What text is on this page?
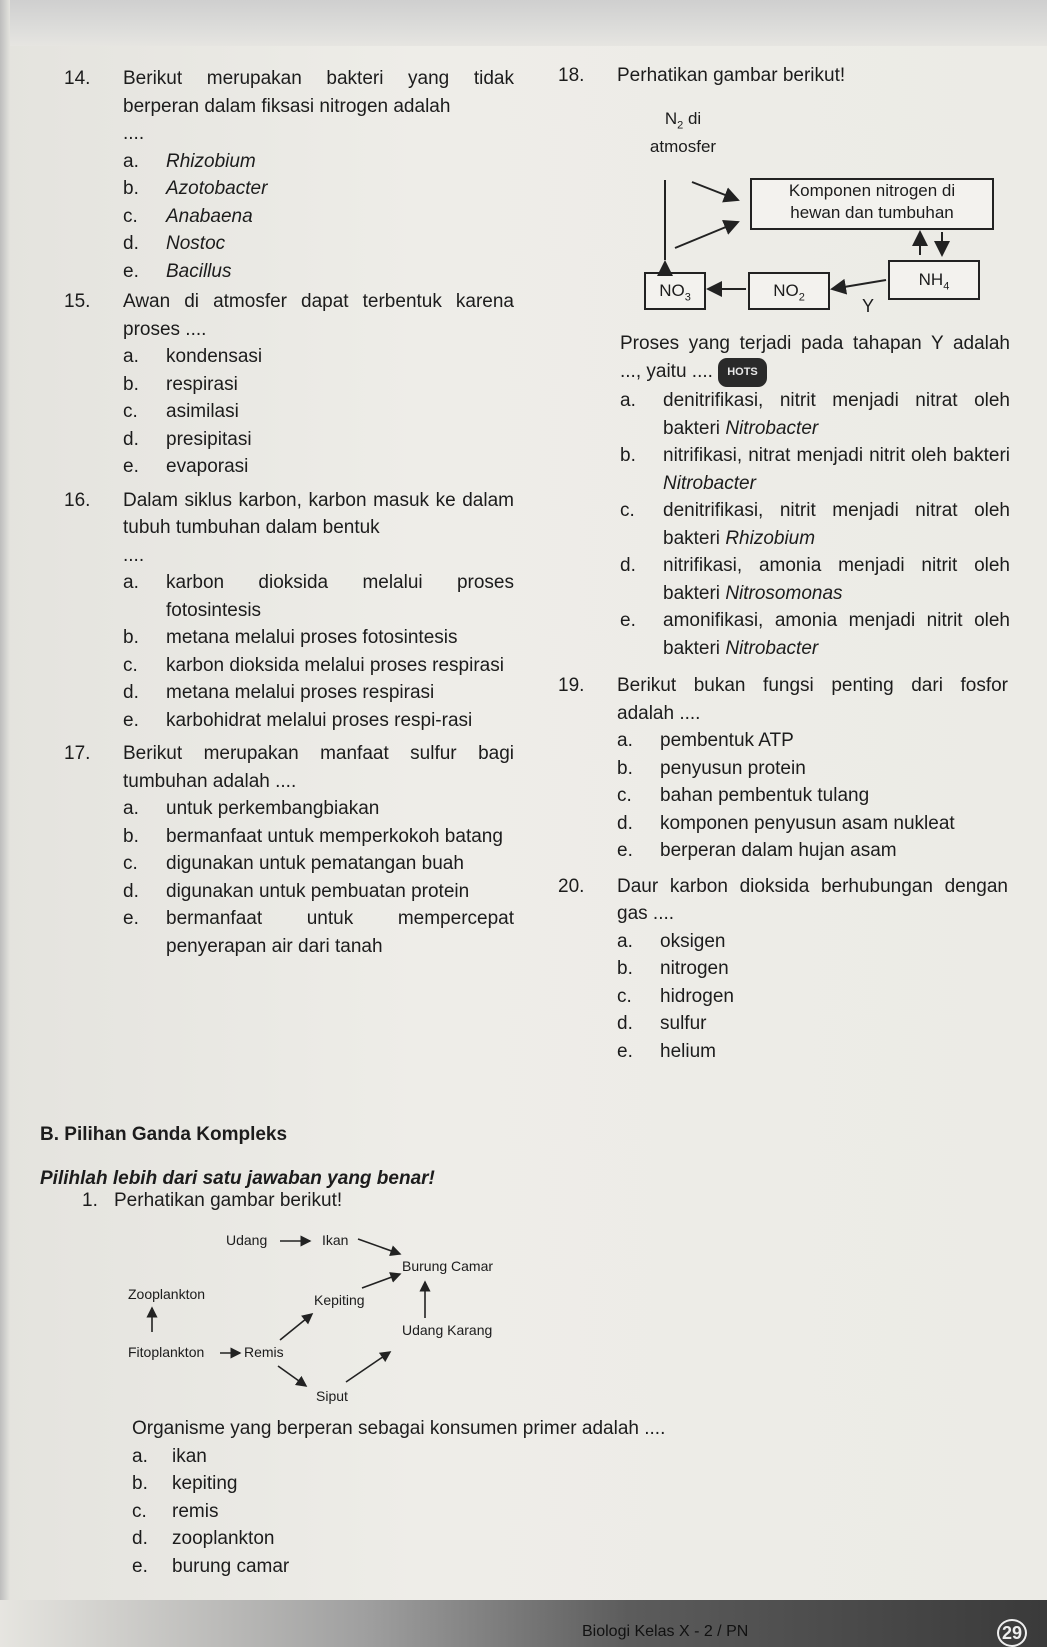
14. Berikut merupakan bakteri yang tidak berperan dalam fiksasi nitrogen adalah
....
a. Rhizobium
b. Azotobacter
c. Anabaena
d. Nostoc
e. Bacillus
15. Awan di atmosfer dapat terbentuk karena proses ....
a. kondensasi
b. respirasi
c. asimilasi
d. presipitasi
e. evaporasi
16. Dalam siklus karbon, karbon masuk ke dalam tubuh tumbuhan dalam bentuk
....
a. karbon dioksida melalui proses fotosintesis
b. metana melalui proses fotosintesis
c. karbon dioksida melalui proses respirasi
d. metana melalui proses respirasi
e. karbohidrat melalui proses respi-rasi
17. Berikut merupakan manfaat sulfur bagi tumbuhan adalah ....
a. untuk perkembangbiakan
b. bermanfaat untuk memperkokoh batang
c. digunakan untuk pematangan buah
d. digunakan untuk pembuatan protein
e. bermanfaat untuk mempercepat penyerapan air dari tanah
18. Perhatikan gambar berikut!
$N_2$ di
atmosfer
Komponen nitrogen di
hewan dan tumbuhan
$NO_3$	$NO_2$
$NH_4$
Y
Proses yang terjadi pada tahapan Y adalah ..., yaitu .... HOTS
a. denitrifikasi, nitrit menjadi nitrat oleh bakteri Nitrobacter
b. nitrifikasi, nitrat menjadi nitrit oleh bakteri Nitrobacter
c. denitrifikasi, nitrit menjadi nitrat oleh bakteri Rhizobium
d. nitrifikasi, amonia menjadi nitrit oleh bakteri Nitrosomonas
e. amonifikasi, amonia menjadi nitrit oleh bakteri Nitrobacter
19. Berikut bukan fungsi penting dari fosfor adalah ....
a. pembentuk ATP
b. penyusun protein
c. bahan pembentuk tulang
d. komponen penyusun asam nukleat
e. berperan dalam hujan asam
20. Daur karbon dioksida berhubungan dengan gas ....
a. oksigen
b. nitrogen
c. hidrogen
d. sulfur
e. helium
B. Pilihan Ganda Kompleks
Pilihlah lebih dari satu jawaban yang benar!
1. Perhatikan gambar berikut!
Udang	Ikan
Burung Camar
Zooplankton	Kepiting
Udang Karang
Fitoplankton	Remis
Siput
Organisme yang berperan sebagai konsumen primer adalah ....
a. ikan
b. kepiting
c. remis
d. zooplankton
e. burung camar
Biologi Kelas X - 2 / PN	29
